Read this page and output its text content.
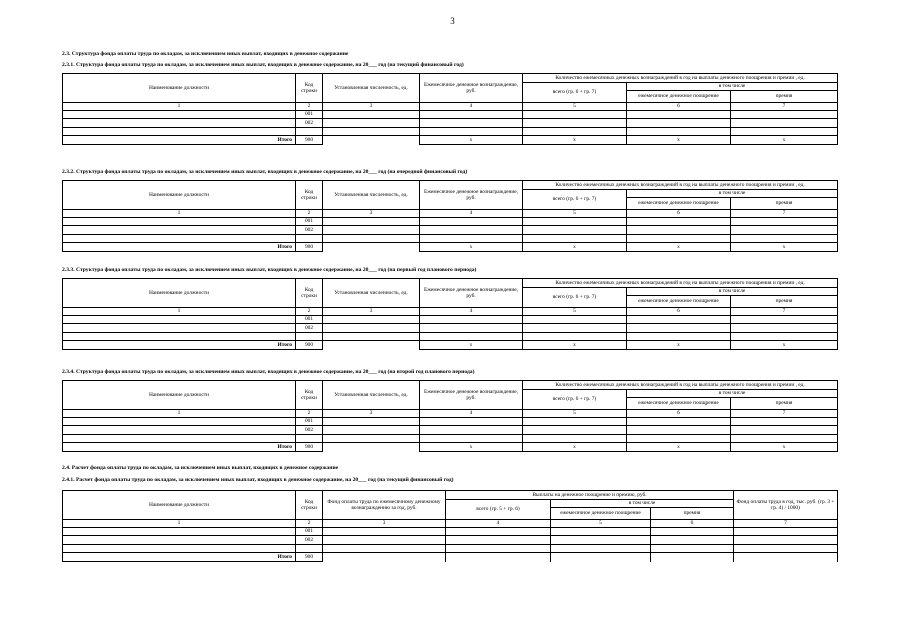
3
2.3. Структура фонда оплаты труда по окладам, за исключением иных выплат, входящих в денежное содержание
2.3.1. Структура фонда оплаты труда по окладам, за исключением иных выплат, входящих в денежное содержание, на 20___ год (на текущий финансовый год)
Наименование должности	Код строки	Установленная численность, ед.	Ежемесячное денежное вознаграждение, руб.	Количество ежемесячных денежных вознаграждений в год на выплаты денежного поощрения и премии , ед.		
				всего (гр. 6 + гр. 7)	в том числе	
					ежемесячное денежное поощрение	премия
1	2	3	4	5	6	7
	001					
	002					

Итого	900		x	x	x	x
2.3.2. Структура фонда оплаты труда по окладам, за исключением иных выплат, входящих в денежное содержание, на 20___ год (на очередной финансовый год)
Наименование должности	Код строки	Установленная численность, ед.	Ежемесячное денежное вознаграждение, руб.	Количество ежемесячных денежных вознаграждений в год на выплаты денежного поощрения и премии , ед.		
				всего (гр. 6 + гр. 7)	в том числе	
					ежемесячное денежное поощрение	премия
1	2	3	4	5	6	7
	001					
	002					

Итого	900		x	x	x	x
2.3.3. Структура фонда оплаты труда по окладам, за исключением иных выплат, входящих в денежное содержание, на 20___ год (на первый год планового периода)
Наименование должности	Код строки	Установленная численность, ед.	Ежемесячное денежное вознаграждение, руб.	Количество ежемесячных денежных вознаграждений в год на выплаты денежного поощрения и премии , ед.		
				всего (гр. 6 + гр. 7)	в том числе	
					ежемесячное денежное поощрение	премия
1	2	3	4	5	6	7
	001					
	002					

Итого	900		x	x	x	x
2.3.4. Структура фонда оплаты труда по окладам, за исключением иных выплат, входящих в денежное содержание, на 20___ год (на второй год планового периода)
Наименование должности	Код строки	Установленная численность, ед.	Ежемесячное денежное вознаграждение, руб.	Количество ежемесячных денежных вознаграждений в год на выплаты денежного поощрения и премии , ед.		
				всего (гр. 6 + гр. 7)	в том числе	
					ежемесячное денежное поощрение	премия
1	2	3	4	5	6	7
	001					
	002					

Итого	900		x	x	x	x
2.4. Расчет фонда оплаты труда по окладам, за исключением иных выплат, входящих в денежное содержание
2.4.1. Расчет фонда оплаты труда по окладам, за исключением иных выплат, входящих в денежное содержание, на 20___ год (на текущий финансовый год)
Наименование должности	Код строки	Фонд оплаты труда по ежемесячному денежному вознаграждению за год, руб.	Выплаты на денежное поощрение и премию, руб.			Фонд оплаты труда в год, тыс. руб. (гр. 3 + гр. 4) / 1000)
			всего (гр. 5 + гр. 6)	в том числе		
				ежемесячное денежное поощрение	премия	
1	2	3	4	5	6	7
	001					
	002					

Итого	900					
